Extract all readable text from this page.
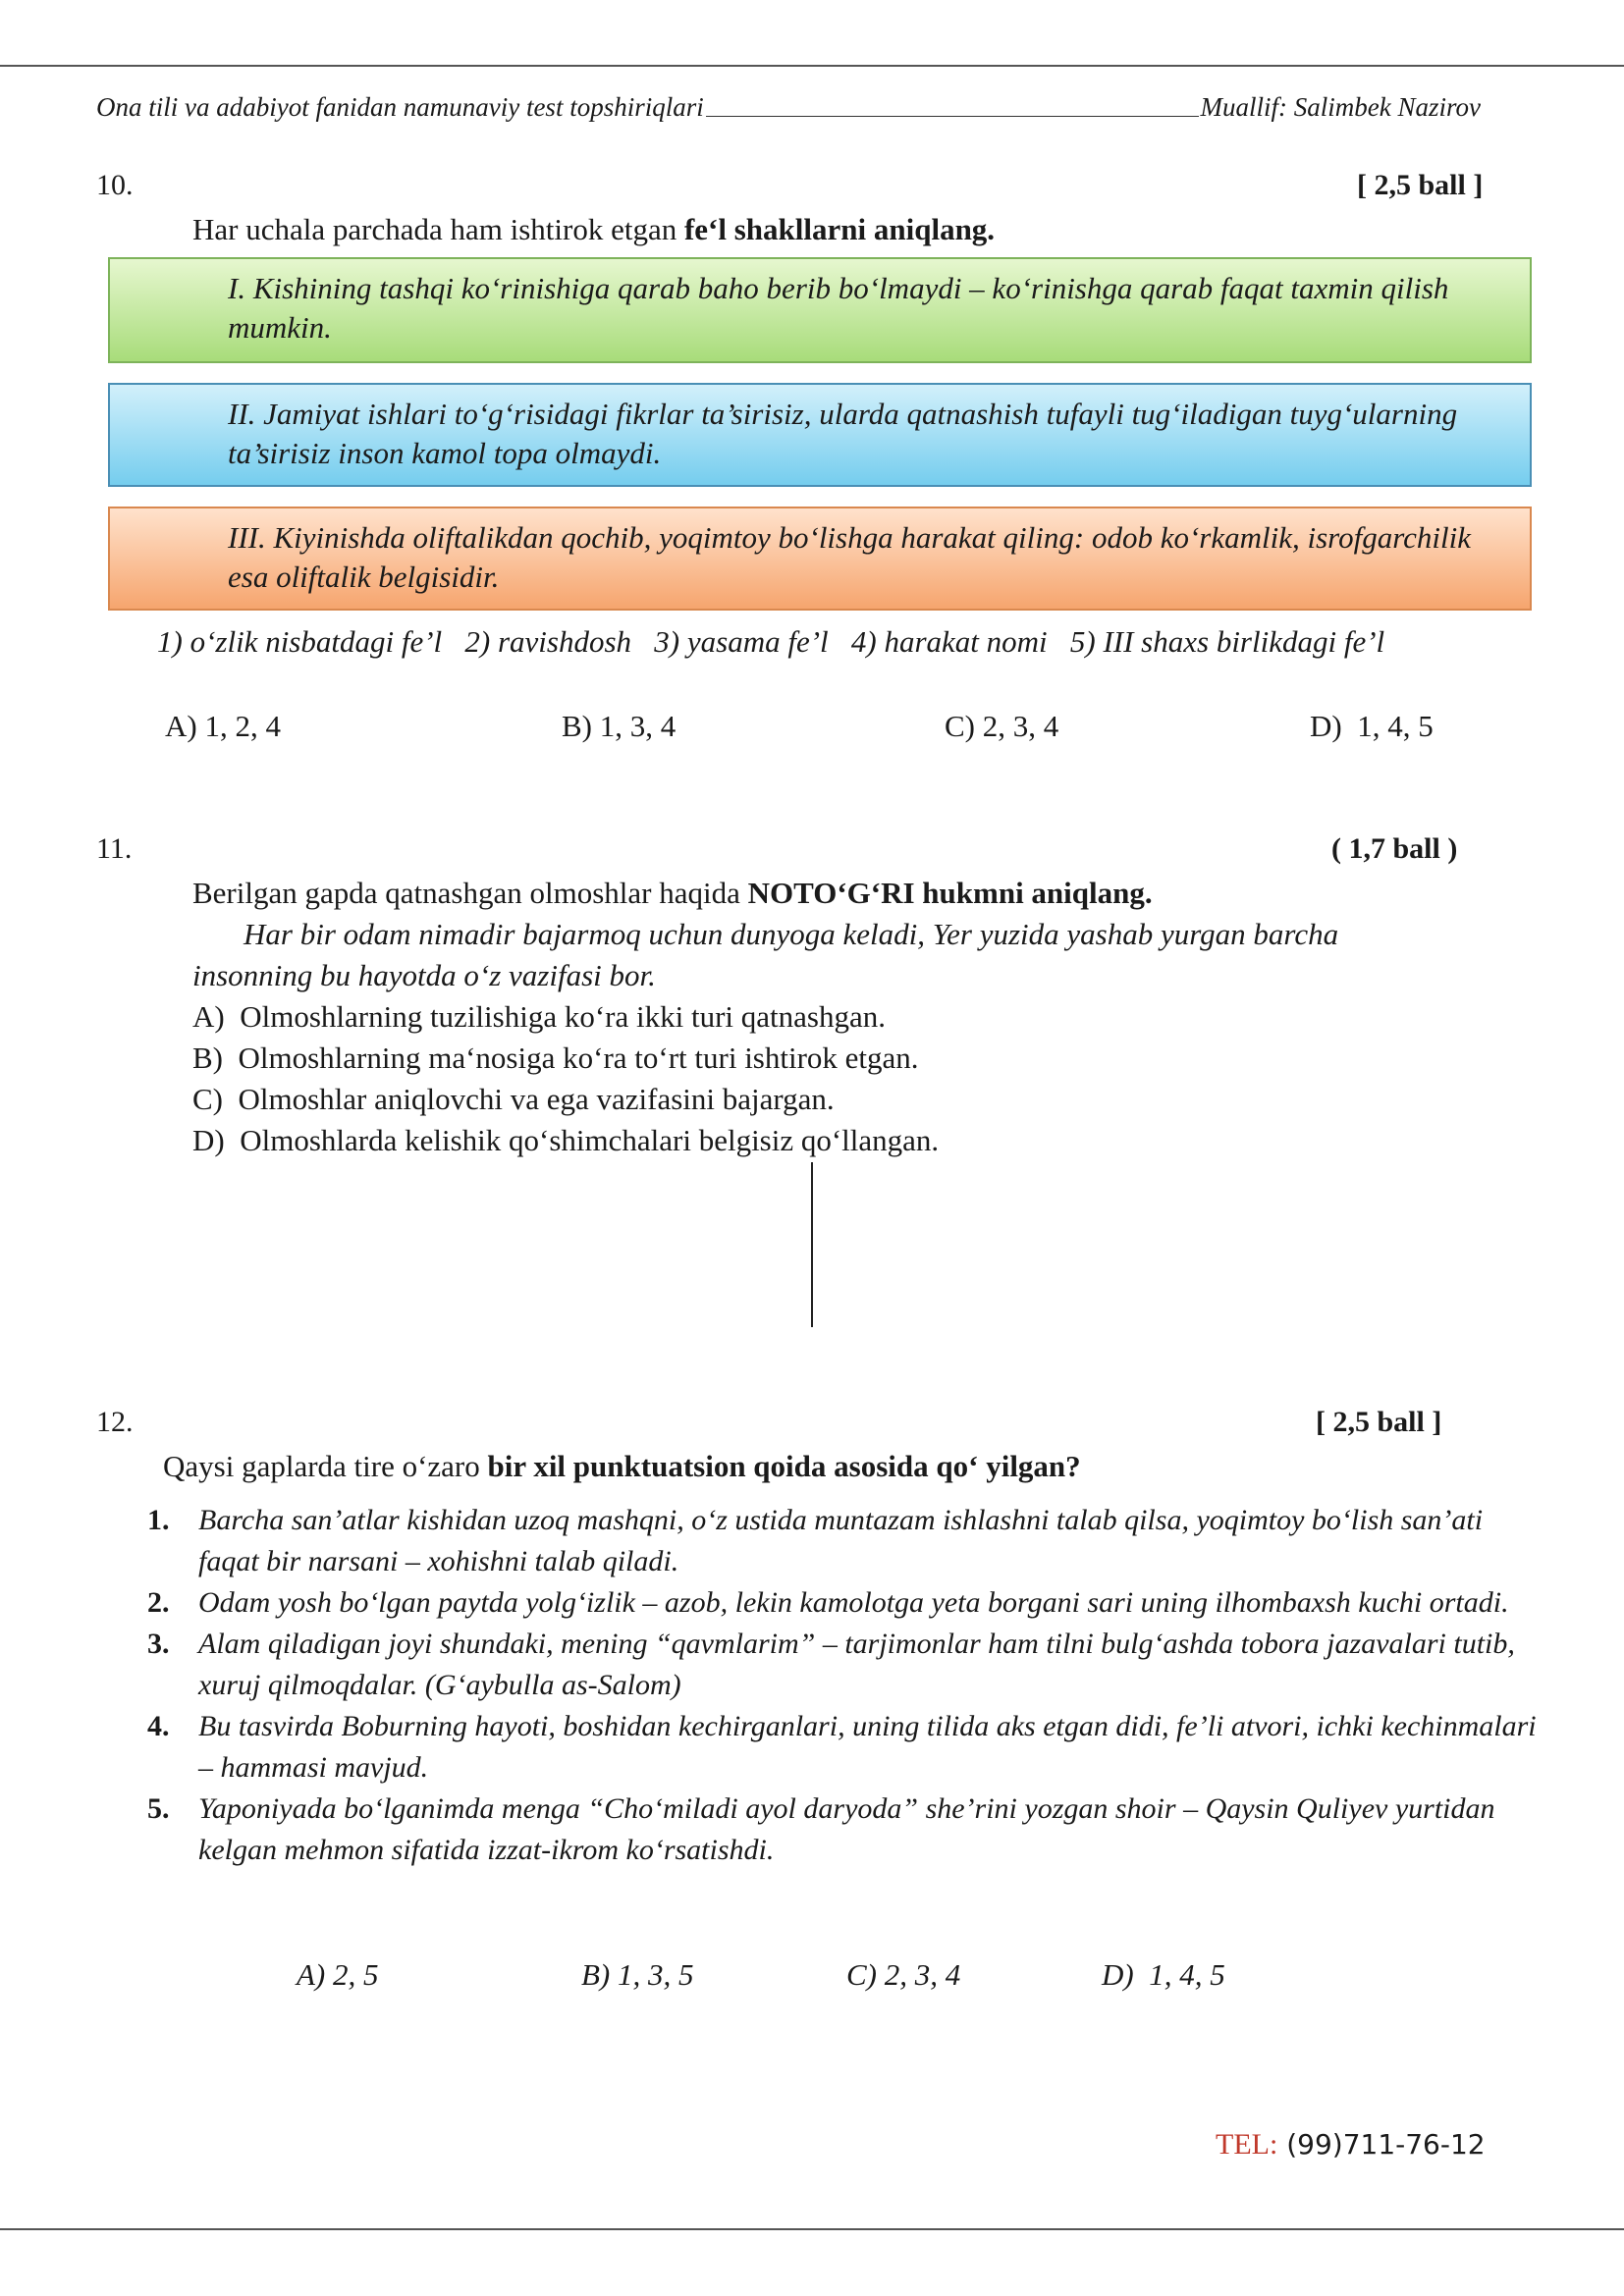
Ona tili va adabiyot fanidan namunaviy test topshiriqlari	Muallif: Salimbek Nazirov
10.	[ 2,5 ball ]
Har uchala parchada ham ishtirok etgan fe‘l shakllarni aniqlang.
I. Kishining tashqi ko‘rinishiga qarab baho berib bo‘lmaydi – ko‘rinishga qarab faqat taxmin qilish mumkin.
II. Jamiyat ishlari to‘g‘risidagi fikrlar ta’sirisiz, ularda qatnashish tufayli tug‘iladigan tuyg‘ularning ta’sirisiz inson kamol topa olmaydi.
III. Kiyinishda oliftalikdan qochib, yoqimtoy bo‘lishga harakat qiling: odob ko‘rkamlik, isrofgarchilik esa oliftalik belgisidir.
1) o‘zlik nisbatdagi fe’l   2) ravishdosh   3) yasama fe’l   4) harakat nomi   5) III shaxs birlikdagi fe’l
A) 1, 2, 4	B) 1, 3, 4	C) 2, 3, 4	D)  1, 4, 5
11.	( 1,7 ball )
Berilgan gapda qatnashgan olmoshlar haqida NOTO‘G‘RI hukmni aniqlang.
Har bir odam nimadir bajarmoq uchun dunyoga keladi, Yer yuzida yashab yurgan barcha
insonning bu hayotda o‘z vazifasi bor.
A)  Olmoshlarning tuzilishiga ko‘ra ikki turi qatnashgan.
B)  Olmoshlarning ma‘nosiga ko‘ra to‘rt turi ishtirok etgan.
C)  Olmoshlar aniqlovchi va ega vazifasini bajargan.
D)  Olmoshlarda kelishik qo‘shimchalari belgisiz qo‘llangan.
12.	[ 2,5 ball ]
Qaysi gaplarda tire o‘zaro bir xil punktuatsion qoida asosida qo‘ yilgan?
1. Barcha san’atlar kishidan uzoq mashqni, o‘z ustida muntazam ishlashni talab qilsa, yoqimtoy bo‘lish san’ati faqat bir narsani – xohishni talab qiladi.
2. Odam yosh bo‘lgan paytda yolg‘izlik – azob, lekin kamolotga yeta borgani sari uning ilhombaxsh kuchi ortadi.
3. Alam qiladigan joyi shundaki, mening “qavmlarim” – tarjimonlar ham tilni bulg‘ashda tobora jazavalari tutib, xuruj qilmoqdalar. (G‘aybulla as-Salom)
4. Bu tasvirda Boburning hayoti, boshidan kechirganlari, uning tilida aks etgan didi, fe’li atvori, ichki kechinmalari – hammasi mavjud.
5. Yaponiyada bo‘lganimda menga “Cho‘miladi ayol daryoda” she’rini yozgan shoir – Qaysin Quliyev yurtidan kelgan mehmon sifatida izzat-ikrom ko‘rsatishdi.
A) 2, 5	B) 1, 3, 5	C) 2, 3, 4	D)  1, 4, 5
TEL: (99)711-76-12
